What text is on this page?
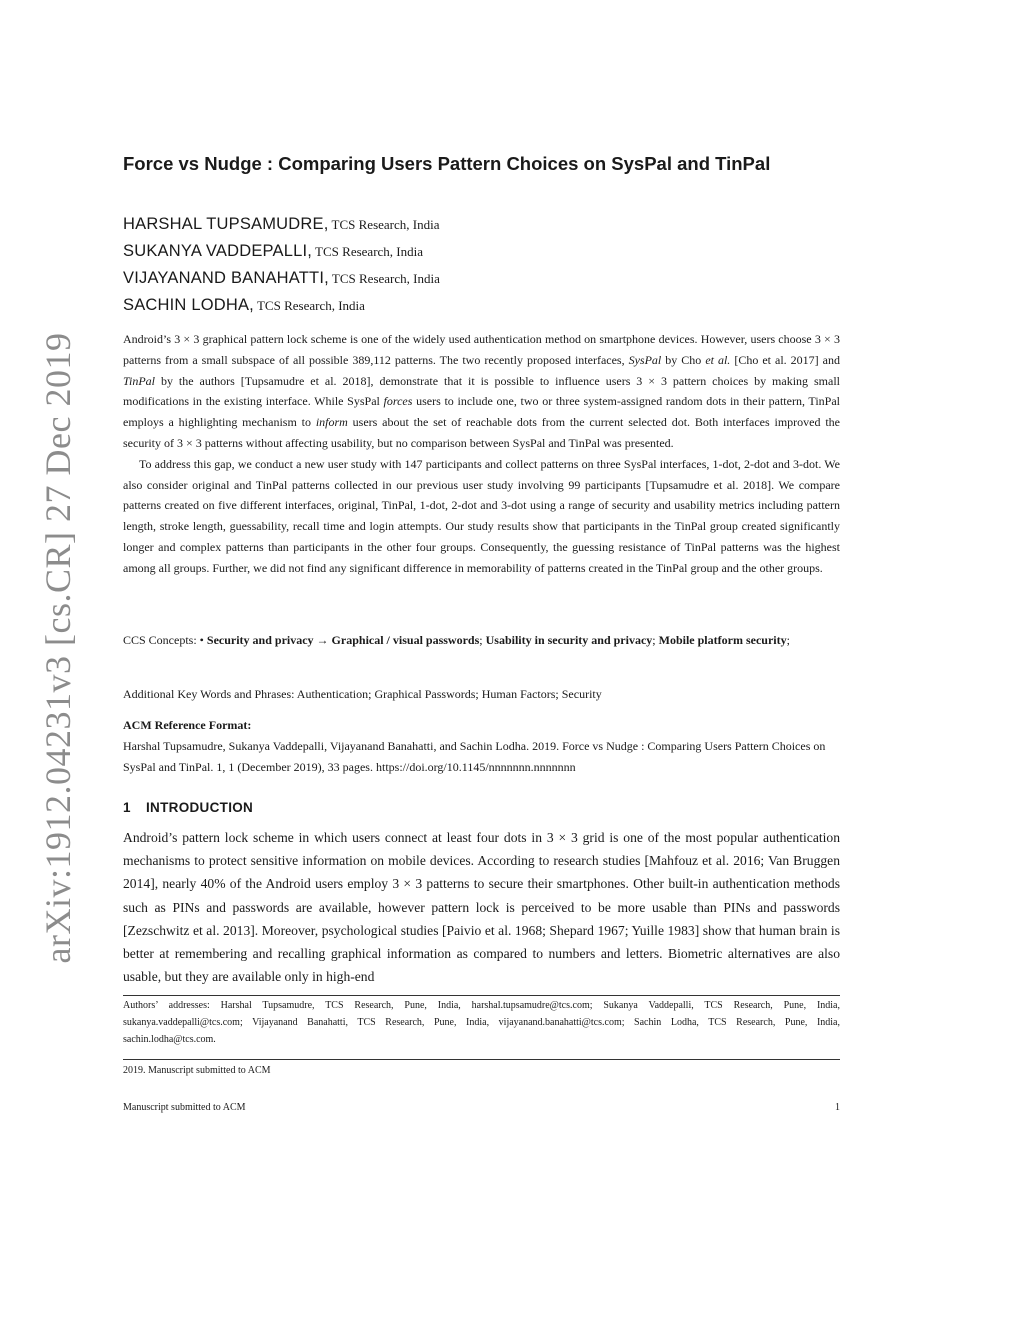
arXiv:1912.04231v3 [cs.CR] 27 Dec 2019
Force vs Nudge : Comparing Users Pattern Choices on SysPal and TinPal
HARSHAL TUPSAMUDRE, TCS Research, India
SUKANYA VADDEPALLI, TCS Research, India
VIJAYANAND BANAHATTI, TCS Research, India
SACHIN LODHA, TCS Research, India

Android’s 3 × 3 graphical pattern lock scheme is one of the widely used authentication method on smartphone devices. However, users choose 3 × 3 patterns from a small subspace of all possible 389,112 patterns. The two recently proposed interfaces, SysPal by Cho et al. [Cho et al. 2017] and TinPal by the authors [Tupsamudre et al. 2018], demonstrate that it is possible to influence users 3 × 3 pattern choices by making small modifications in the existing interface. While SysPal forces users to include one, two or three system-assigned random dots in their pattern, TinPal employs a highlighting mechanism to inform users about the set of reachable dots from the current selected dot. Both interfaces improved the security of 3 × 3 patterns without affecting usability, but no comparison between SysPal and TinPal was presented.

To address this gap, we conduct a new user study with 147 participants and collect patterns on three SysPal interfaces, 1-dot, 2-dot and 3-dot. We also consider original and TinPal patterns collected in our previous user study involving 99 participants [Tupsamudre et al. 2018]. We compare patterns created on five different interfaces, original, TinPal, 1-dot, 2-dot and 3-dot using a range of security and usability metrics including pattern length, stroke length, guessability, recall time and login attempts. Our study results show that participants in the TinPal group created significantly longer and complex patterns than participants in the other four groups. Consequently, the guessing resistance of TinPal patterns was the highest among all groups. Further, we did not find any significant difference in memorability of patterns created in the TinPal group and the other groups.

CCS Concepts: • Security and privacy → Graphical / visual passwords; Usability in security and privacy; Mobile platform security;
Additional Key Words and Phrases: Authentication; Graphical Passwords; Human Factors; Security
ACM Reference Format:
Harshal Tupsamudre, Sukanya Vaddepalli, Vijayanand Banahatti, and Sachin Lodha. 2019. Force vs Nudge : Comparing Users Pattern Choices on SysPal and TinPal. 1, 1 (December 2019), 33 pages. https://doi.org/10.1145/nnnnnnn.nnnnnnn
1 INTRODUCTION
Android’s pattern lock scheme in which users connect at least four dots in 3 × 3 grid is one of the most popular authentication mechanisms to protect sensitive information on mobile devices. According to research studies [Mahfouz et al. 2016; Van Bruggen 2014], nearly 40% of the Android users employ 3 × 3 patterns to secure their smartphones. Other built-in authentication methods such as PINs and passwords are available, however pattern lock is perceived to be more usable than PINs and passwords [Zezschwitz et al. 2013]. Moreover, psychological studies [Paivio et al. 1968; Shepard 1967; Yuille 1983] show that human brain is better at remembering and recalling graphical information as compared to numbers and letters. Biometric alternatives are also usable, but they are available only in high-end
Authors’ addresses: Harshal Tupsamudre, TCS Research, Pune, India, harshal.tupsamudre@tcs.com; Sukanya Vaddepalli, TCS Research, Pune, India, sukanya.vaddepalli@tcs.com; Vijayanand Banahatti, TCS Research, Pune, India, vijayanand.banahatti@tcs.com; Sachin Lodha, TCS Research, Pune, India, sachin.lodha@tcs.com.
2019. Manuscript submitted to ACM
Manuscript submitted to ACM	1
